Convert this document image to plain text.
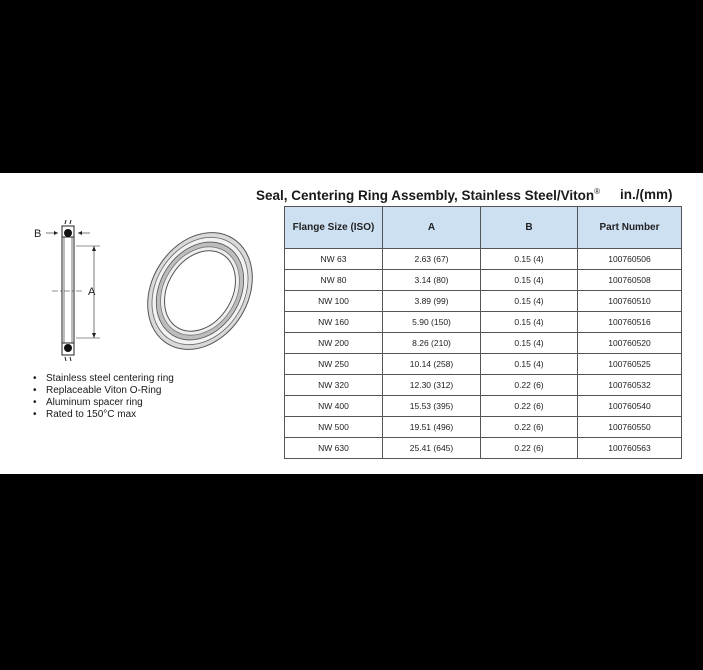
Seal, Centering Ring Assembly, Stainless Steel/Viton® in./(mm)
B
A
• Stainless steel centering ring
• Replaceable Viton O-Ring
• Aluminum spacer ring
• Rated to 150°C max
Flange Size (ISO)	A	B	Part Number
NW 63	2.63 (67)	0.15 (4)	100760506
NW 80	3.14 (80)	0.15 (4)	100760508
NW 100	3.89 (99)	0.15 (4)	100760510
NW 160	5.90 (150)	0.15 (4)	100760516
NW 200	8.26 (210)	0.15 (4)	100760520
NW 250	10.14 (258)	0.15 (4)	100760525
NW 320	12.30 (312)	0.22 (6)	100760532
NW 400	15.53 (395)	0.22 (6)	100760540
NW 500	19.51 (496)	0.22 (6)	100760550
NW 630	25.41 (645)	0.22 (6)	100760563
